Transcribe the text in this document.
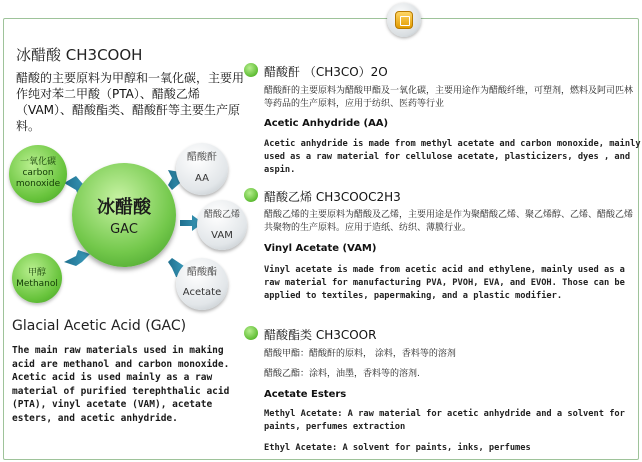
冰醋酸 CH3COOH
醋酸的主要原料为甲醇和一氧化碳，主要用作纯对苯二甲酸（PTA）、醋酸乙烯（VAM）、醋酸酯类、醋酸酐等主要生产原料。
一氧化碳
carbon
monoxide
甲醇
Methanol
冰醋酸
GAC
醋酸酐
AA
醋酸乙烯
VAM
醋酸酯
Acetate
Glacial Acetic Acid (GAC)
The main raw materials used in making acid are methanol and carbon monoxide. Acetic acid is used mainly as a raw material of purified terephthalic acid (PTA), vinyl acetate (VAM), acetate esters, and acetic anhydride.
醋酸酐 （CH3CO）2O
醋酸酐的主要原料为醋酸甲酯及一氧化碳，主要用途作为醋酸纤维，可塑剂，燃料及阿司匹林等药品的生产原料，应用于纺织、医药等行业
Acetic Anhydride (AA)
Acetic anhydride is made from methyl acetate and carbon monoxide, mainly used as a raw material for cellulose acetate, plasticizers, dyes , and aspin.
醋酸乙烯 CH3COOC2H3
醋酸乙烯的主要原料为醋酸及乙烯，主要用途是作为聚醋酸乙烯、聚乙烯醇、乙烯、醋酸乙烯共聚物的生产原料。应用于造纸、纺织、薄膜行业。
Vinyl Acetate (VAM)
Vinyl acetate is made from acetic acid and ethylene, mainly used as a raw material for manufacturing PVA, PVOH, EVA, and EVOH. Those can be applied to textiles, papermaking, and a plastic modifier.
醋酸酯类 CH3COOR
醋酸甲酯：醋酸酐的原料， 涂料，香料等的溶剂
醋酸乙酯：涂料，油墨，香料等的溶剂.
Acetate Esters
Methyl Acetate: A raw material for acetic anhydride and a solvent for paints, perfumes extraction
Ethyl Acetate: A solvent for paints, inks, perfumes
